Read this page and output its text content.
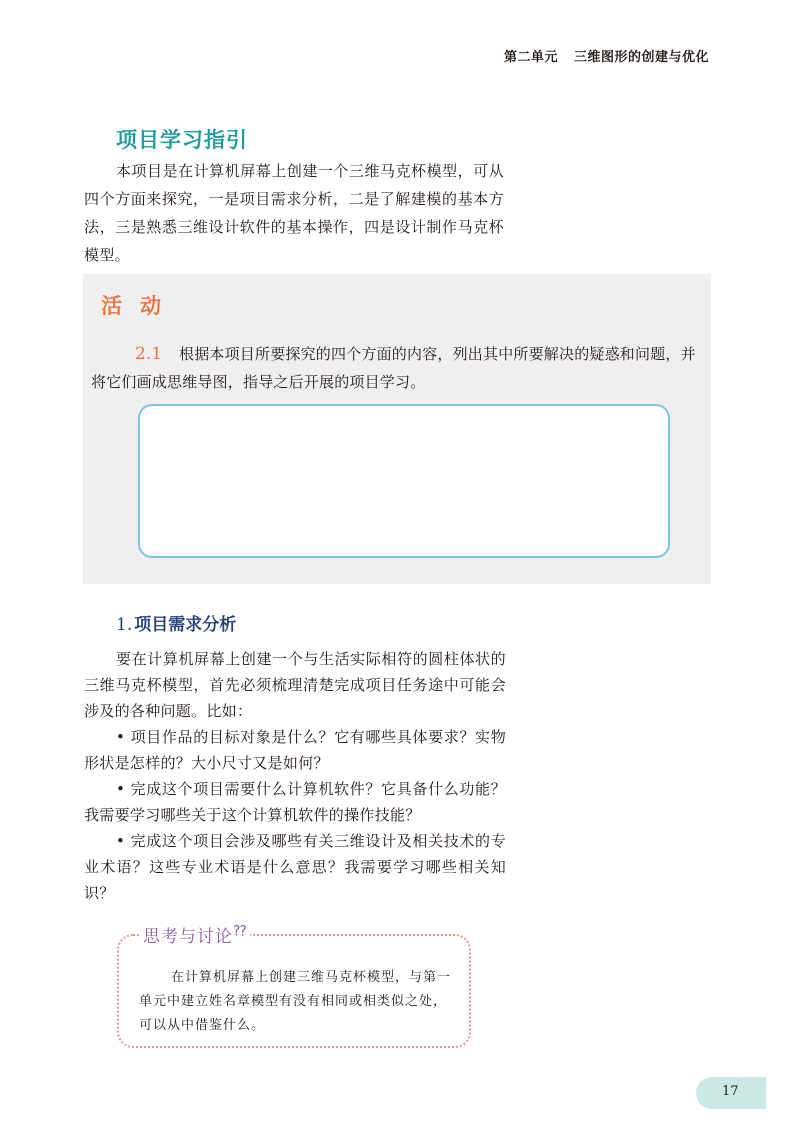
第二单元 三维图形的创建与优化
项目学习指引

本项目是在计算机屏幕上创建一个三维马克杯模型，可从四个方面来探究，一是项目需求分析，二是了解建模的基本方法，三是熟悉三维设计软件的基本操作，四是设计制作马克杯模型。

活动
2.1	根据本项目所要探究的四个方面的内容，列出其中所要解决的疑惑和问题，并将它们画成思维导图，指导之后开展的项目学习。

1. 项目需求分析

要在计算机屏幕上创建一个与生活实际相符的圆柱体状的三维马克杯模型，首先必须梳理清楚完成项目任务途中可能会涉及的各种问题。比如：

• 项目作品的目标对象是什么？它有哪些具体要求？实物形状是怎样的？大小尺寸又是如何？

• 完成这个项目需要什么计算机软件？它具备什么功能？我需要学习哪些关于这个计算机软件的操作技能？

• 完成这个项目会涉及哪些有关三维设计及相关技术的专业术语？这些专业术语是什么意思？我需要学习哪些相关知识？

思考与讨论??

在计算机屏幕上创建三维马克杯模型，与第一单元中建立姓名章模型有没有相同或相类似之处，可以从中借鉴什么。

17
